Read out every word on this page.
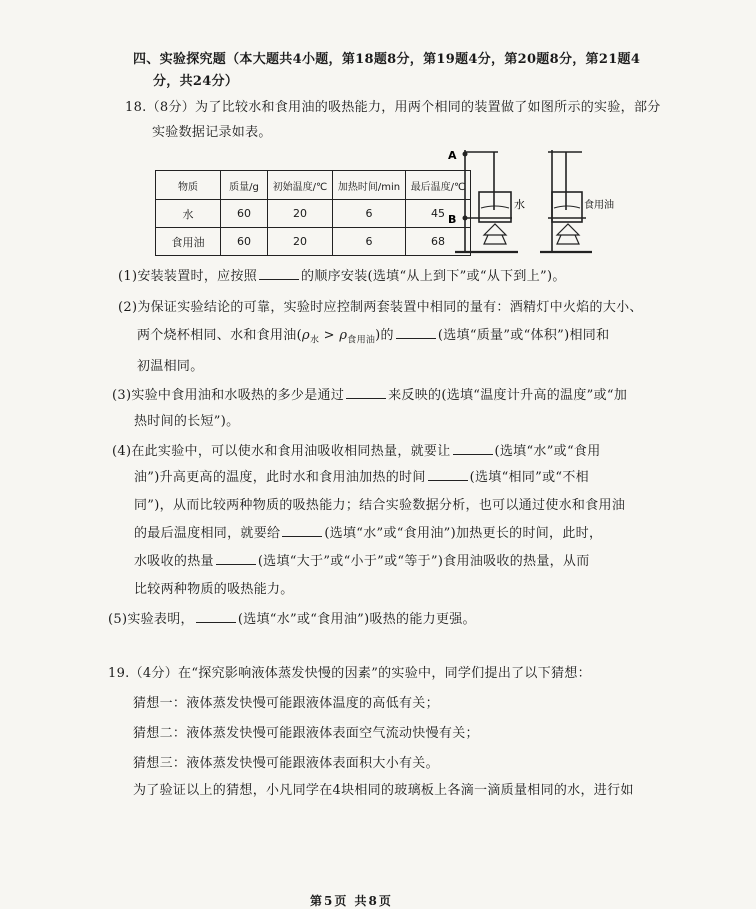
四、实验探究题（本大题共4小题，第18题8分，第19题4分，第20题8分，第21题4
分，共24分）
18.（8分）为了比较水和食用油的吸热能力，用两个相同的装置做了如图所示的实验，部分
实验数据记录如表。
物质	质量/g	初始温度/℃	加热时间/min	最后温度/℃
水	60	20	6	45
食用油	60	20	6	68
A
B
水	食用油
(1)安装装置时，应按照	的顺序安装(选填“从上到下”或“从下到上”)。
(2)为保证实验结论的可靠，实验时应控制两套装置中相同的量有：酒精灯中火焰的大小、
两个烧杯相同、水和食用油$(\rho_水 > \rho_{食用油})$的	(选填“质量”或“体积”)相同和
初温相同。
(3)实验中食用油和水吸热的多少是通过	来反映的(选填“温度计升高的温度”或“加
热时间的长短”)。
(4)在此实验中，可以使水和食用油吸收相同热量，就要让	(选填“水”或“食用
油”)升高更高的温度，此时水和食用油加热的时间	(选填“相同”或“不相
同”)，从而比较两种物质的吸热能力；结合实验数据分析，也可以通过使水和食用油
的最后温度相同，就要给	(选填“水”或“食用油”)加热更长的时间，此时，
水吸收的热量	(选填“大于”或“小于”或“等于”)食用油吸收的热量，从而
比较两种物质的吸热能力。
(5)实验表明，	(选填“水”或“食用油”)吸热的能力更强。
19.（4分）在“探究影响液体蒸发快慢的因素”的实验中，同学们提出了以下猜想：
猜想一：液体蒸发快慢可能跟液体温度的高低有关；
猜想二：液体蒸发快慢可能跟液体表面空气流动快慢有关；
猜想三：液体蒸发快慢可能跟液体表面积大小有关。
为了验证以上的猜想，小凡同学在4块相同的玻璃板上各滴一滴质量相同的水，进行如
第5页 共8页
